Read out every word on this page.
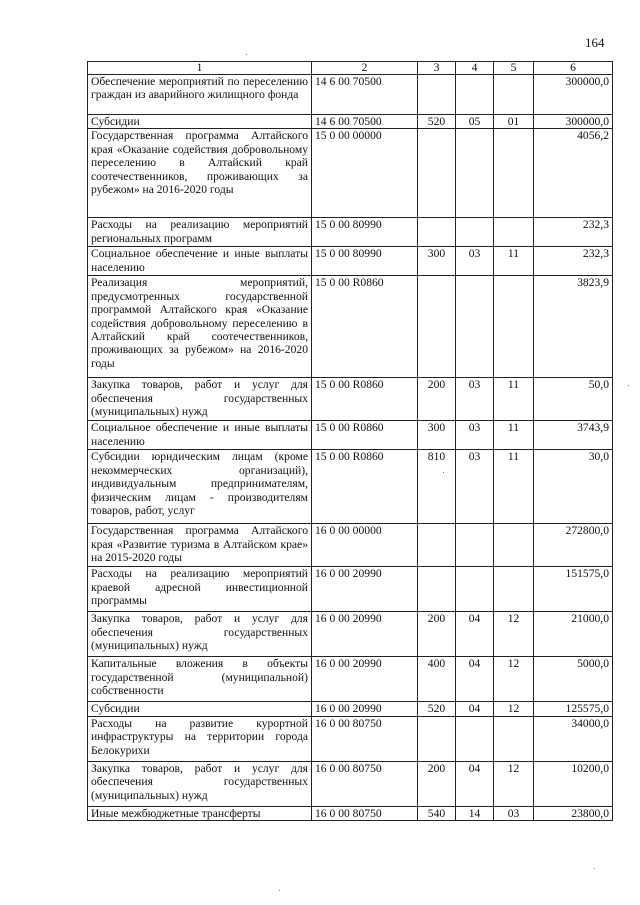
164
1	2	3	4	5	6
Обеспечение мероприятий по переселению граждан из аварийного жилищного фонда	14 6 00 70500				300000,0
Субсидии	14 6 00 70500	520	05	01	300000,0
Государственная программа Алтайского края «Оказание содействия добровольному переселению в Алтайский край соотечественников, проживающих за рубежом» на 2016-2020 годы	15 0 00 00000				4056,2
Расходы на реализацию мероприятий региональных программ	15 0 00 80990				232,3
Социальное обеспечение и иные выплаты населению	15 0 00 80990	300	03	11	232,3
Реализация мероприятий, предусмотренных государственной программой Алтайского края «Оказание содействия добровольному переселению в Алтайский край соотечественников, проживающих за рубежом» на 2016-2020 годы	15 0 00 R0860				3823,9
Закупка товаров, работ и услуг для обеспечения государственных (муниципальных) нужд	15 0 00 R0860	200	03	11	50,0
Социальное обеспечение и иные выплаты населению	15 0 00 R0860	300	03	11	3743,9
Субсидии юридическим лицам (кроме некоммерческих организаций), индивидуальным предпринимателям, физическим лицам - производителям товаров, работ, услуг	15 0 00 R0860	810	03	11	30,0
Государственная программа Алтайского края «Развитие туризма в Алтайском крае» на 2015-2020 годы	16 0 00 00000				272800,0
Расходы на реализацию мероприятий краевой адресной инвестиционной программы	16 0 00 20990				151575,0
Закупка товаров, работ и услуг для обеспечения государственных (муниципальных) нужд	16 0 00 20990	200	04	12	21000,0
Капитальные вложения в объекты государственной (муниципальной) собственности	16 0 00 20990	400	04	12	5000,0
Субсидии	16 0 00 20990	520	04	12	125575,0
Расходы на развитие курортной инфраструктуры на территории города Белокурихи	16 0 00 80750				34000,0
Закупка товаров, работ и услуг для обеспечения государственных (муниципальных) нужд	16 0 00 80750	200	04	12	10200,0
Иные межбюджетные трансферты	16 0 00 80750	540	14	03	23800,0
